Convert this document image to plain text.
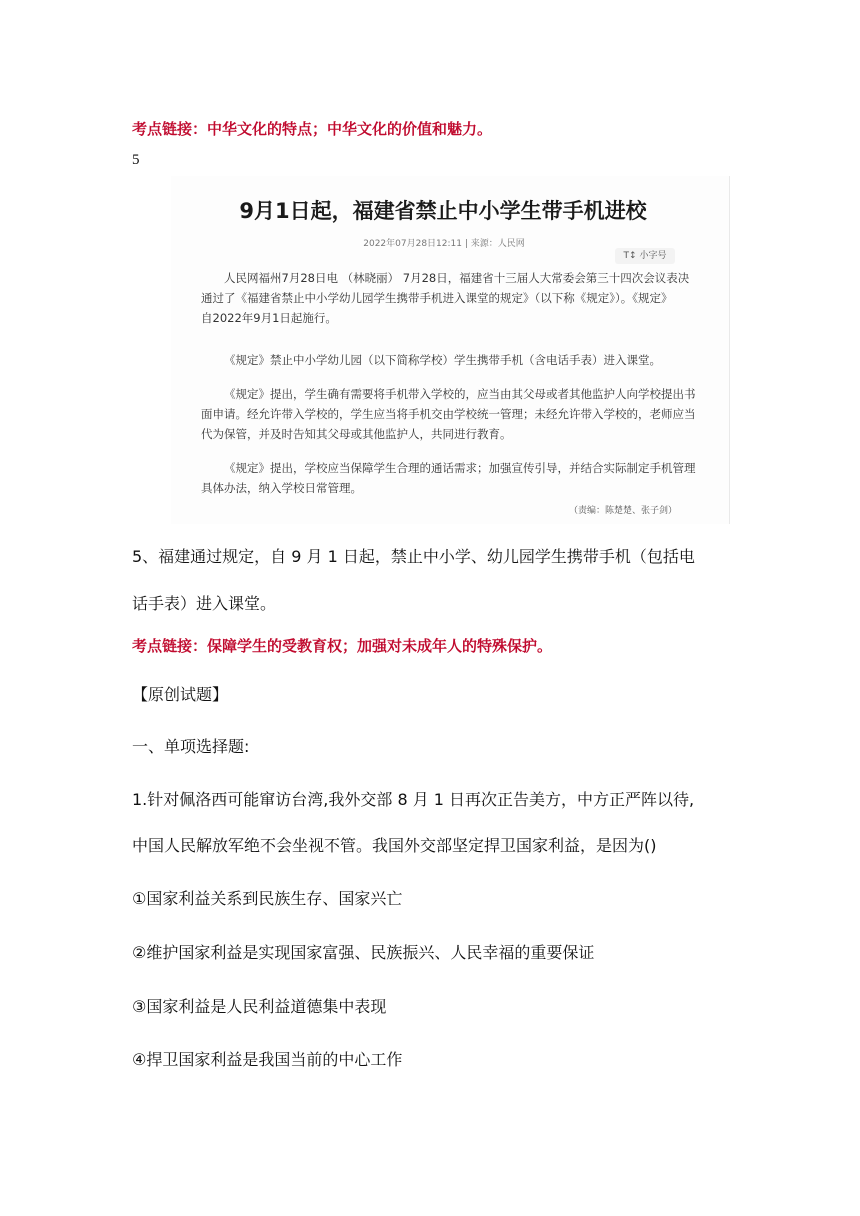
考点链接：中华文化的特点；中华文化的价值和魅力。
5
9月1日起，福建省禁止中小学生带手机进校
2022年07月28日12:11 | 来源：人民网
T↕ 小字号
人民网福州7月28日电 （林晓丽） 7月28日，福建省十三届人大常委会第三十四次会议表决
通过了《福建省禁止中小学幼儿园学生携带手机进入课堂的规定》（以下称《规定》）。《规定》
自2022年9月1日起施行。
《规定》禁止中小学幼儿园（以下简称学校）学生携带手机（含电话手表）进入课堂。
《规定》提出，学生确有需要将手机带入学校的，应当由其父母或者其他监护人向学校提出书
面申请。经允许带入学校的，学生应当将手机交由学校统一管理；未经允许带入学校的，老师应当
代为保管，并及时告知其父母或其他监护人，共同进行教育。
《规定》提出，学校应当保障学生合理的通话需求；加强宣传引导，并结合实际制定手机管理
具体办法，纳入学校日常管理。
（责编：陈楚楚、张子剑）
5、福建通过规定，自 9 月 1 日起，禁止中小学、幼儿园学生携带手机（包括电
话手表）进入课堂。
考点链接：保障学生的受教育权；加强对未成年人的特殊保护。
【原创试题】
一、单项选择题:
1.针对佩洛西可能窜访台湾,我外交部 8 月 1 日再次正告美方，中方正严阵以待,
中国人民解放军绝不会坐视不管。我国外交部坚定捍卫国家利益，是因为()
①国家利益关系到民族生存、国家兴亡
②维护国家利益是实现国家富强、民族振兴、人民幸福的重要保证
③国家利益是人民利益道德集中表现
④捍卫国家利益是我国当前的中心工作
